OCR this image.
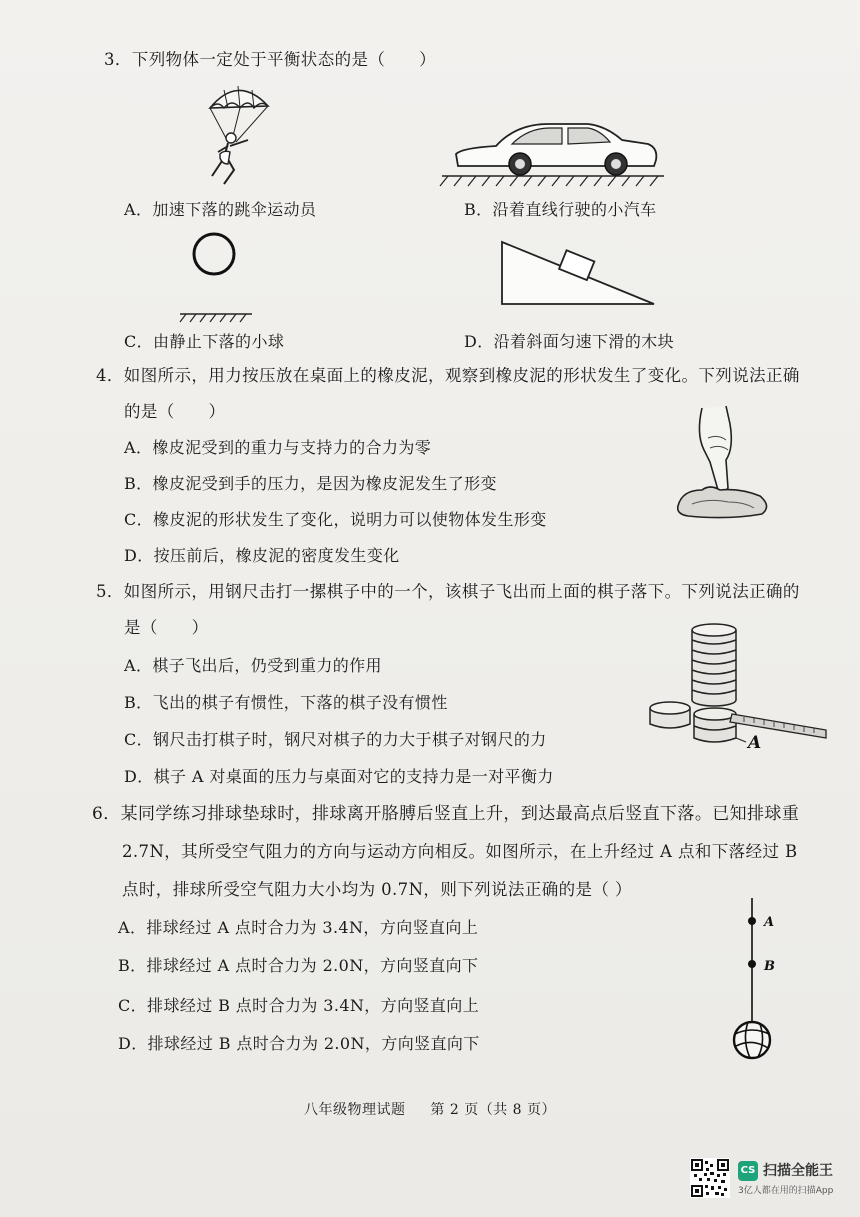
3．下列物体一定处于平衡状态的是（　　）
A．加速下落的跳伞运动员	B．沿着直线行驶的小汽车
C．由静止下落的小球	D．沿着斜面匀速下滑的木块
4．如图所示，用力按压放在桌面上的橡皮泥，观察到橡皮泥的形状发生了变化。下列说法正确
的是（　　）
A．橡皮泥受到的重力与支持力的合力为零
B．橡皮泥受到手的压力，是因为橡皮泥发生了形变
C．橡皮泥的形状发生了变化，说明力可以使物体发生形变
D．按压前后，橡皮泥的密度发生变化
5．如图所示，用钢尺击打一摞棋子中的一个，该棋子飞出而上面的棋子落下。下列说法正确的
是（　　）
A．棋子飞出后，仍受到重力的作用
B．飞出的棋子有惯性，下落的棋子没有惯性
C．钢尺击打棋子时，钢尺对棋子的力大于棋子对钢尺的力
D．棋子 A 对桌面的压力与桌面对它的支持力是一对平衡力
A
6．某同学练习排球垫球时，排球离开胳膊后竖直上升，到达最高点后竖直下落。已知排球重
2.7N，其所受空气阻力的方向与运动方向相反。如图所示，在上升经过 A 点和下落经过 B
点时，排球所受空气阻力大小均为 0.7N，则下列说法正确的是（ ）
A．排球经过 A 点时合力为 3.4N，方向竖直向上
B．排球经过 A 点时合力为 2.0N，方向竖直向下
C．排球经过 B 点时合力为 3.4N，方向竖直向上
D．排球经过 B 点时合力为 2.0N，方向竖直向下
A
B
八年级物理试题 第 2 页（共 8 页）
CS 扫描全能王
3亿人都在用的扫描App
